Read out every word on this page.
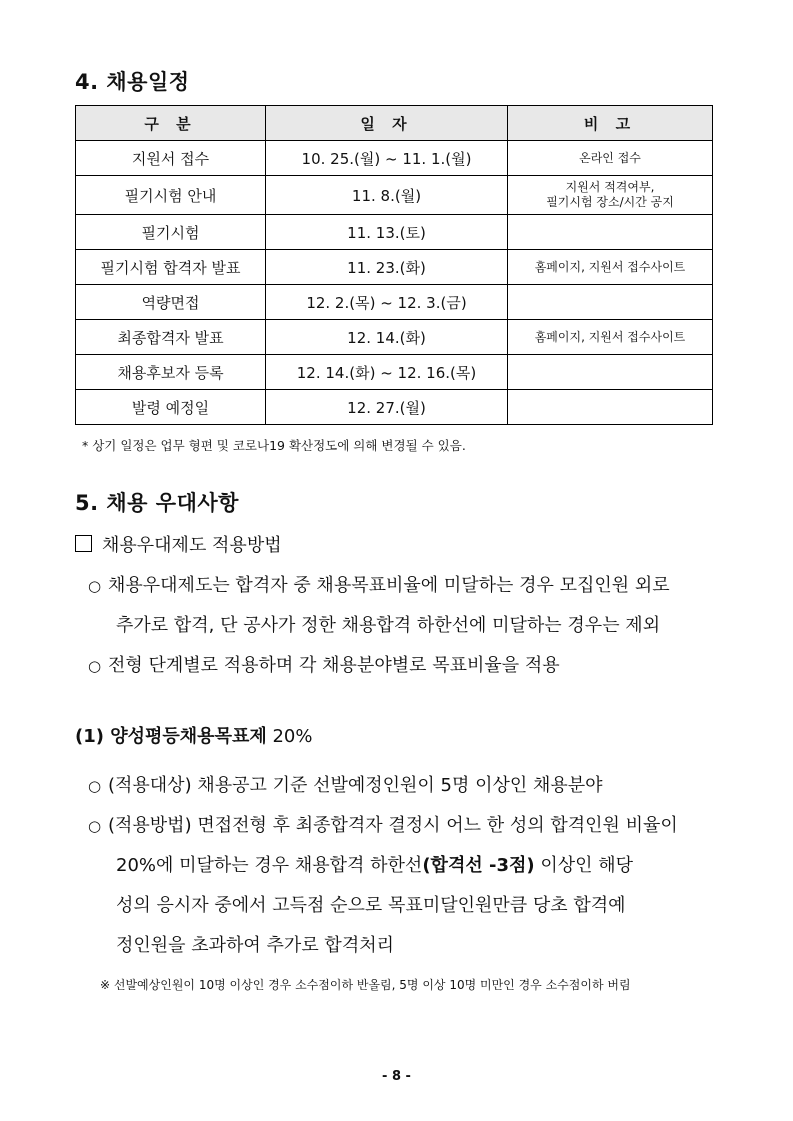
4. 채용일정
구 분	일 자	비 고
지원서 접수	10. 25.(월) ~ 11. 1.(월)	온라인 접수
필기시험 안내	11. 8.(월)	지원서 적격여부,
필기시험 장소/시간 공지

필기시험	11. 13.(토)	
필기시험 합격자 발표	11. 23.(화)	홈페이지, 지원서 접수사이트
역량면접	12. 2.(목) ~ 12. 3.(금)	
최종합격자 발표	12. 14.(화)	홈페이지, 지원서 접수사이트
채용후보자 등록	12. 14.(화) ~ 12. 16.(목)	
발령 예정일	12. 27.(월)	
* 상기 일정은 업무 형편 및 코로나19 확산정도에 의해 변경될 수 있음.
5. 채용 우대사항
채용우대제도 적용방법
○ 채용우대제도는 합격자 중 채용목표비율에 미달하는 경우 모집인원 외로
추가로 합격, 단 공사가 정한 채용합격 하한선에 미달하는 경우는 제외
○ 전형 단계별로 적용하며 각 채용분야별로 목표비율을 적용
(1) 양성평등채용목표제 20%
○ (적용대상) 채용공고 기준 선발예정인원이 5명 이상인 채용분야
○ (적용방법) 면접전형 후 최종합격자 결정시 어느 한 성의 합격인원 비율이
20%에 미달하는 경우 채용합격 하한선(합격선 -3점) 이상인 해당
성의 응시자 중에서 고득점 순으로 목표미달인원만큼 당초 합격예
정인원을 초과하여 추가로 합격처리
※ 선발예상인원이 10명 이상인 경우 소수점이하 반올림, 5명 이상 10명 미만인 경우 소수점이하 버림
- 8 -
